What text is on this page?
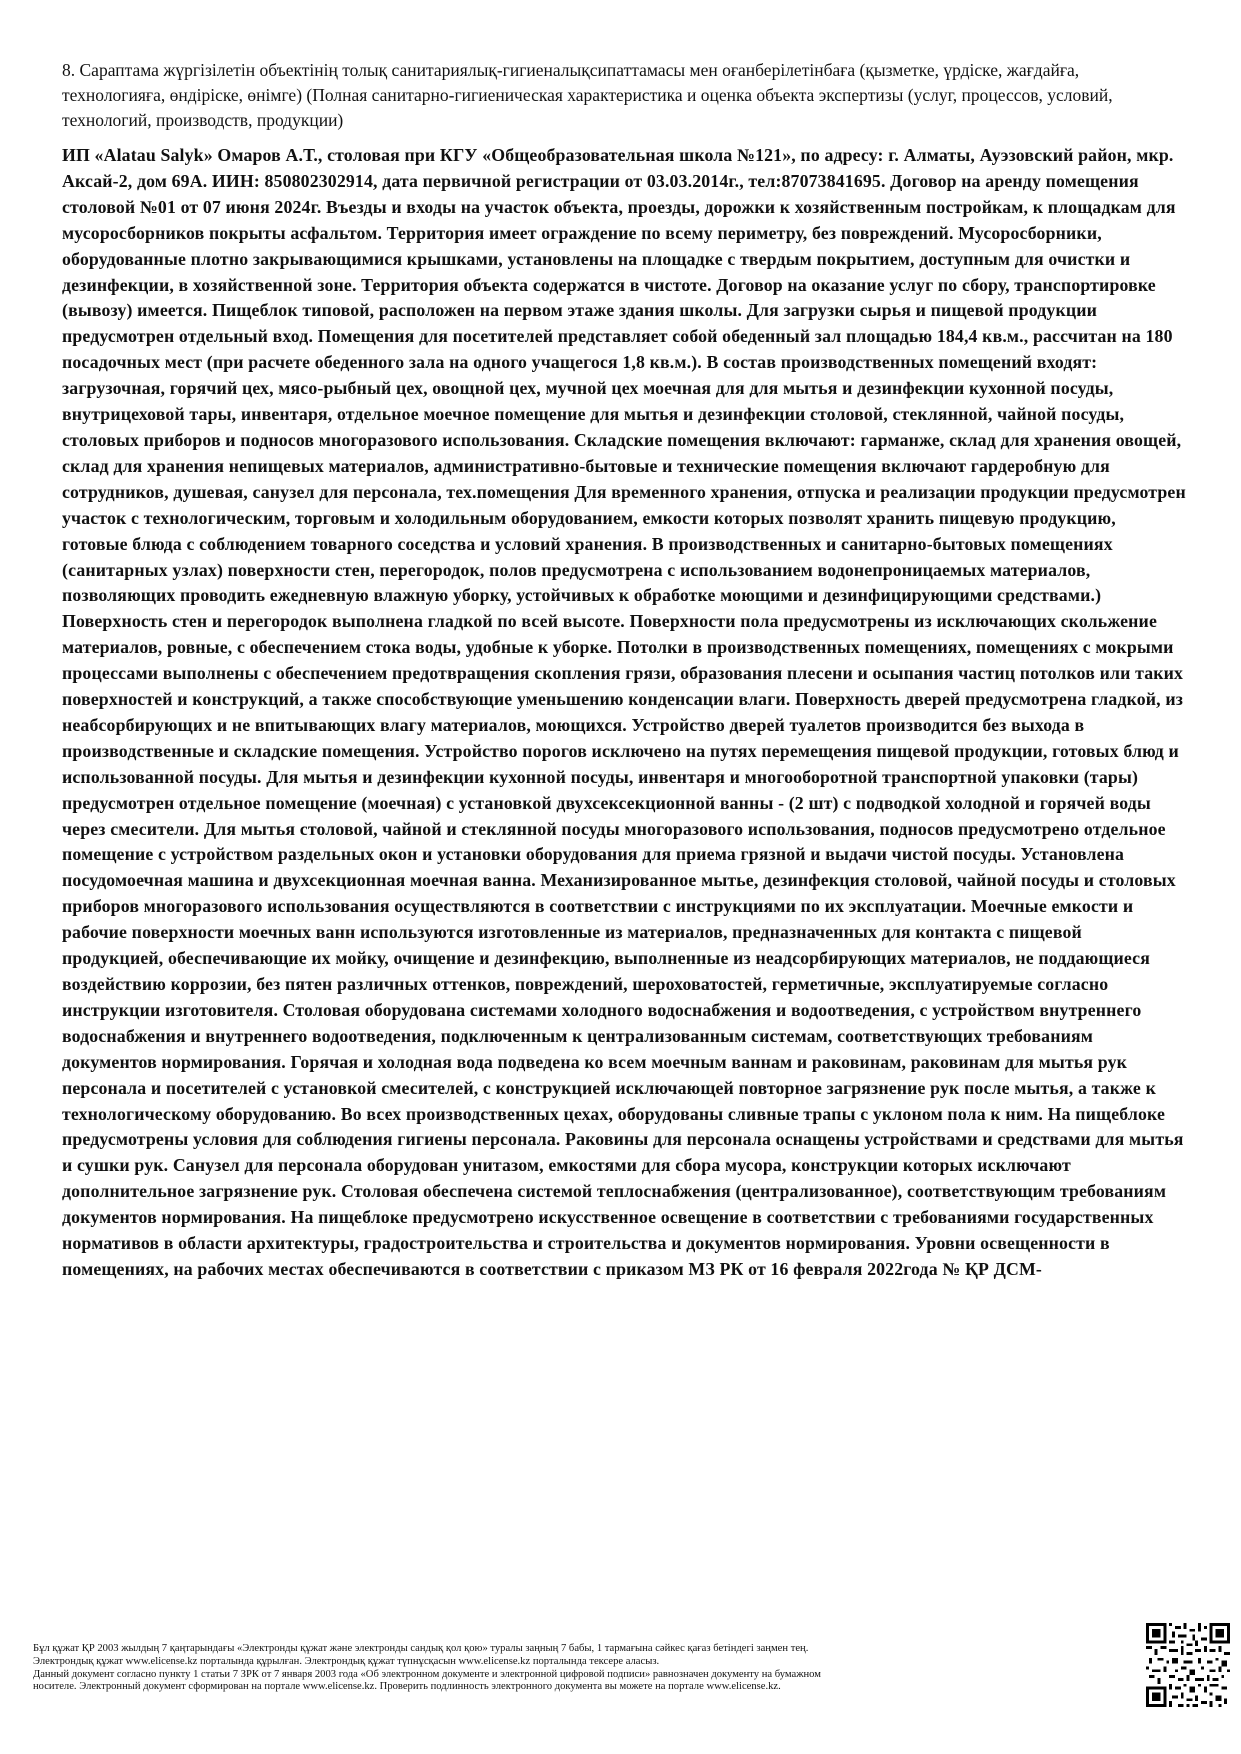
8. Сараптама жүргізілетін объектінің толық санитариялық-гигиеналықсипаттамасы мен оғанберілетінбаға (қызметке, үрдіске, жағдайға, технологияға, өндіріске, өнімге) (Полная санитарно-гигиеническая характеристика и оценка объекта экспертизы (услуг, процессов, условий, технологий, производств, продукции)
ИП «Alatau Salyk» Омаров А.Т., столовая при КГУ «Общеобразовательная школа №121», по адресу: г. Алматы, Ауэзовский район, мкр. Аксай-2, дом 69А. ИИН: 850802302914, дата первичной регистрации от 03.03.2014г., тел:87073841695. Договор на аренду помещения столовой №01 от 07 июня 2024г. Въезды и входы на участок объекта, проезды, дорожки к хозяйственным постройкам, к площадкам для мусоросборников покрыты асфальтом. Территория имеет ограждение по всему периметру, без повреждений. Мусоросборники, оборудованные плотно закрывающимися крышками, установлены на площадке с твердым покрытием, доступным для очистки и дезинфекции, в хозяйственной зоне. Территория объекта содержатся в чистоте. Договор на оказание услуг по сбору, транспортировке (вывозу) имеется. Пищеблок типовой, расположен на первом этаже здания школы. Для загрузки сырья и пищевой продукции предусмотрен отдельный вход. Помещения для посетителей представляет собой обеденный зал площадью 184,4 кв.м., рассчитан на 180 посадочных мест (при расчете обеденного зала на одного учащегося 1,8 кв.м.). В состав производственных помещений входят: загрузочная, горячий цех, мясо-рыбный цех, овощной цех, мучной цех моечная для для мытья и дезинфекции кухонной посуды, внутрицеховой тары, инвентаря, отдельное моечное помещение для мытья и дезинфекции столовой, стеклянной, чайной посуды, столовых приборов и подносов многоразового использования. Складские помещения включают: гарманже, склад для хранения овощей, склад для хранения непищевых материалов, административно-бытовые и технические помещения включают гардеробную для сотрудников, душевая, санузел для персонала, тех.помещения Для временного хранения, отпуска и реализации продукции предусмотрен участок с технологическим, торговым и холодильным оборудованием, емкости которых позволят хранить пищевую продукцию, готовые блюда с соблюдением товарного соседства и условий хранения. В производственных и санитарно-бытовых помещениях (санитарных узлах) поверхности стен, перегородок, полов предусмотрена с использованием водонепроницаемых материалов, позволяющих проводить ежедневную влажную уборку, устойчивых к обработке моющими и дезинфицирующими средствами.) Поверхность стен и перегородок выполнена гладкой по всей высоте. Поверхности пола предусмотрены из исключающих скольжение материалов, ровные, с обеспечением стока воды, удобные к уборке. Потолки в производственных помещениях, помещениях с мокрыми процессами выполнены с обеспечением предотвращения скопления грязи, образования плесени и осыпания частиц потолков или таких поверхностей и конструкций, а также способствующие уменьшению конденсации влаги. Поверхность дверей предусмотрена гладкой, из неабсорбирующих и не впитывающих влагу материалов, моющихся. Устройство дверей туалетов производится без выхода в производственные и складские помещения. Устройство порогов исключено на путях перемещения пищевой продукции, готовых блюд и использованной посуды. Для мытья и дезинфекции кухонной посуды, инвентаря и многооборотной транспортной упаковки (тары) предусмотрен отдельное помещение (моечная) с установкой двухсексекционной ванны - (2 шт) с подводкой холодной и горячей воды через смесители. Для мытья столовой, чайной и стеклянной посуды многоразового использования, подносов предусмотрено отдельное помещение с устройством раздельных окон и установки оборудования для приема грязной и выдачи чистой посуды. Установлена посудомоечная машина и двухсекционная моечная ванна. Механизированное мытье, дезинфекция столовой, чайной посуды и столовых приборов многоразового использования осуществляются в соответствии с инструкциями по их эксплуатации. Моечные емкости и рабочие поверхности моечных ванн используются изготовленные из материалов, предназначенных для контакта с пищевой продукцией, обеспечивающие их мойку, очищение и дезинфекцию, выполненные из неадсорбирующих материалов, не поддающиеся воздействию коррозии, без пятен различных оттенков, повреждений, шероховатостей, герметичные, эксплуатируемые согласно инструкции изготовителя. Столовая оборудована системами холодного водоснабжения и водоотведения, с устройством внутреннего водоснабжения и внутреннего водоотведения, подключенным к централизованным системам, соответствующих требованиям документов нормирования. Горячая и холодная вода подведена ко всем моечным ваннам и раковинам, раковинам для мытья рук персонала и посетителей с установкой смесителей, с конструкцией исключающей повторное загрязнение рук после мытья, а также к технологическому оборудованию. Во всех производственных цехах, оборудованы сливные трапы с уклоном пола к ним. На пищеблоке предусмотрены условия для соблюдения гигиены персонала. Раковины для персонала оснащены устройствами и средствами для мытья и сушки рук. Санузел для персонала оборудован унитазом, емкостями для сбора мусора, конструкции которых исключают дополнительное загрязнение рук. Столовая обеспечена системой теплоснабжения (централизованное), соответствующим требованиям документов нормирования. На пищеблоке предусмотрено искусственное освещение в соответствии с требованиями государственных нормативов в области архитектуры, градостроительства и строительства и документов нормирования. Уровни освещенности в помещениях, на рабочих местах обеспечиваются в соответствии с приказом МЗ РК от 16 февраля 2022года № ҚР ДСМ-
Бұл құжат ҚР 2003 жылдың 7 қаңтарындағы «Электронды құжат және электронды сандық қол қою» туралы заңның 7 бабы, 1 тармағына сәйкес қағаз бетіндегі заңмен тең.
Электрондық құжат www.elicense.kz порталында құрылған. Электрондық құжат түпнұсқасын www.elicense.kz порталында тексере аласыз.
Данный документ согласно пункту 1 статьи 7 ЗРК от 7 января 2003 года «Об электронном документе и электронной цифровой подписи» равнозначен документу на бумажном
носителе. Электронный документ сформирован на портале www.elicense.kz. Проверить подлинность электронного документа вы можете на портале www.elicense.kz.
